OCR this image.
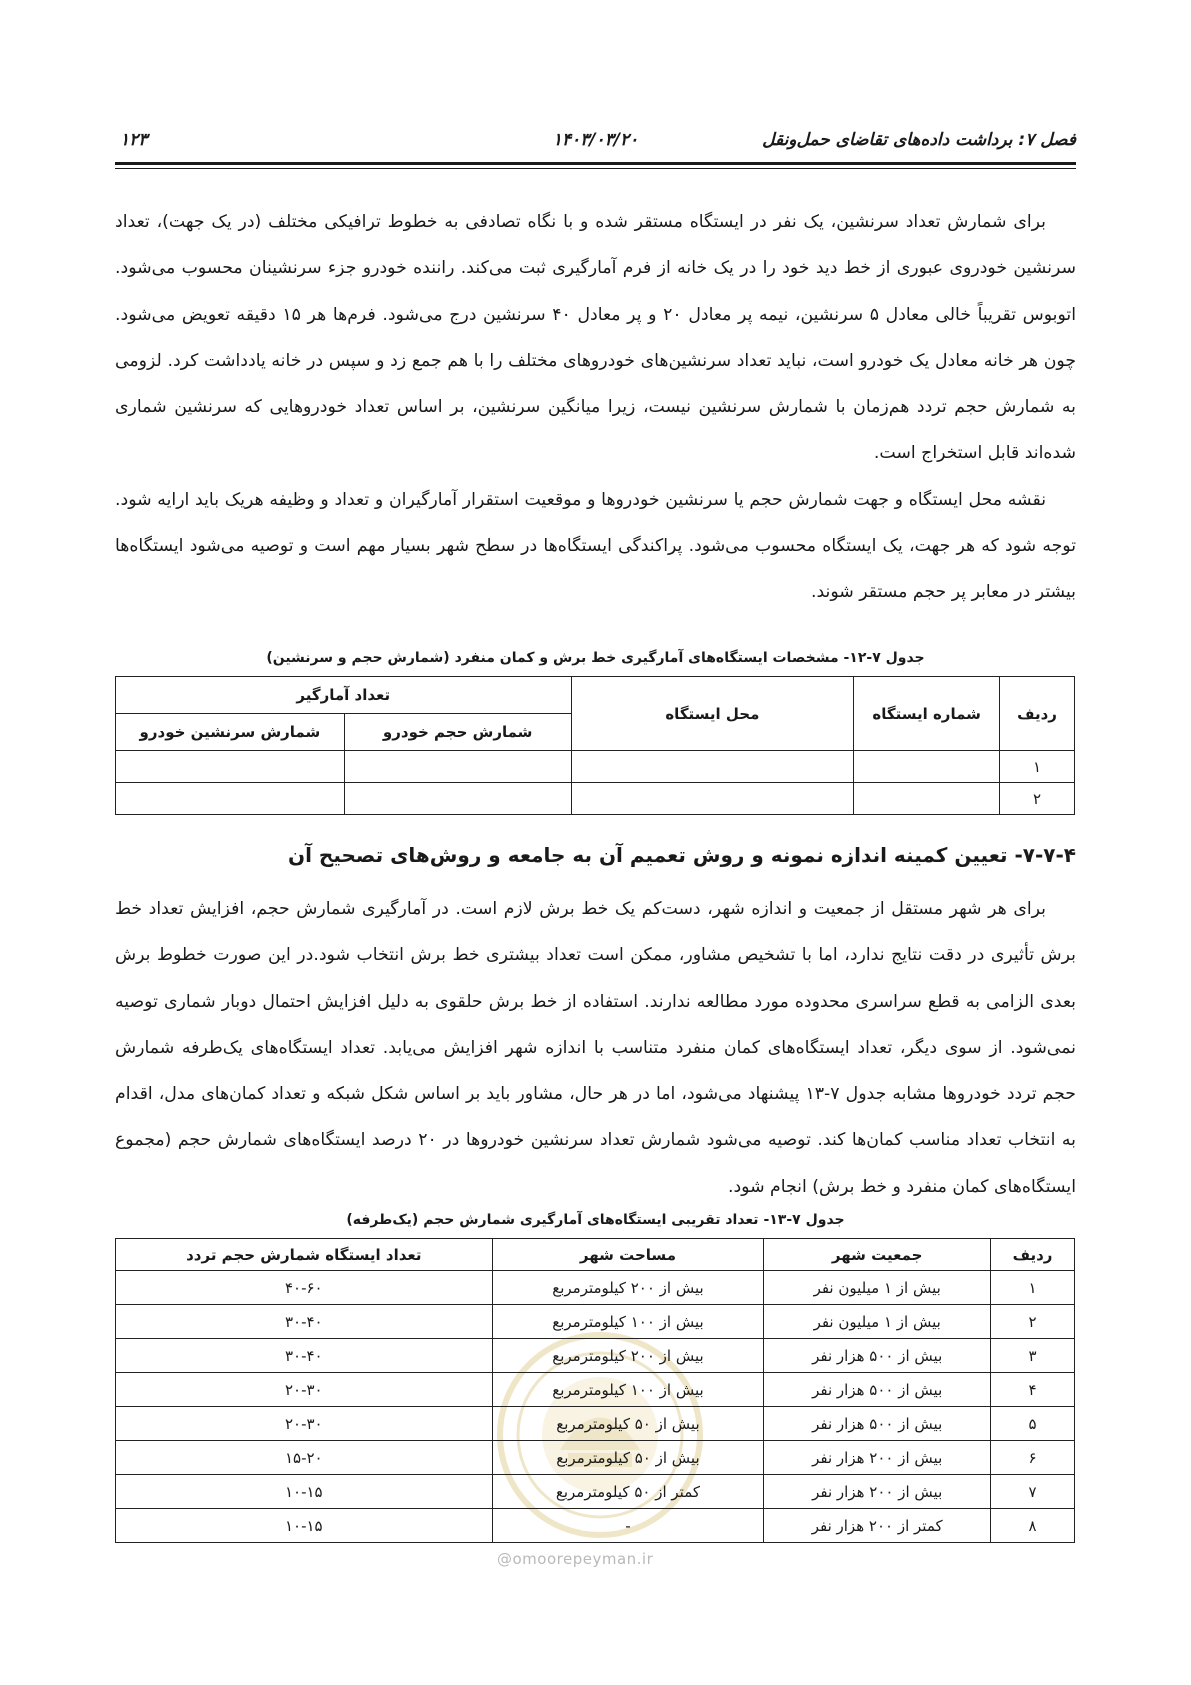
فصل ۷: برداشت داده‌های تقاضای حمل‌ونقل
۱۴۰۳/۰۳/۲۰
۱۲۳

برای شمارش تعداد سرنشین، یک نفر در ایستگاه مستقر شده و با نگاه تصادفی به خطوط ترافیکی مختلف (در یک جهت)، تعداد سرنشین خودروی عبوری از خط دید خود را در یک خانه از فرم آمارگیری ثبت می‌کند. راننده خودرو جزء سرنشینان محسوب می‌شود. اتوبوس تقریباً خالی معادل ۵ سرنشین، نیمه پر معادل ۲۰ و پر معادل ۴۰ سرنشین درج می‌شود. فرم‌ها هر ۱۵ دقیقه تعویض می‌شود. چون هر خانه معادل یک خودرو است، نباید تعداد سرنشین‌های خودروهای مختلف را با هم جمع زد و سپس در خانه یادداشت کرد. لزومی به شمارش حجم تردد هم‌زمان با شمارش سرنشین نیست، زیرا میانگین سرنشین، بر اساس تعداد خودروهایی که سرنشین شماری شده‌اند قابل استخراج است.

نقشه محل ایستگاه و جهت شمارش حجم یا سرنشین خودروها و موقعیت استقرار آمارگیران و تعداد و وظیفه هریک باید ارایه شود. توجه شود که هر جهت، یک ایستگاه محسوب می‌شود. پراکندگی ایستگاه‌ها در سطح شهر بسیار مهم است و توصیه می‌شود ایستگاه‌ها بیشتر در معابر پر حجم مستقر شوند.

جدول ۷-۱۲- مشخصات ایستگاه‌های آمارگیری خط برش و کمان منفرد (شمارش حجم و سرنشین)
ردیف	شماره ایستگاه	محل ایستگاه	تعداد آمارگیر	
			شمارش حجم خودرو	شمارش سرنشین خودرو
۱				
۲				
۷-۷-۴- تعیین کمینه اندازه نمونه و روش تعمیم آن به جامعه و روش‌های تصحیح آن

برای هر شهر مستقل از جمعیت و اندازه شهر، دست‌کم یک خط برش لازم است. در آمارگیری شمارش حجم، افزایش تعداد خط برش تأثیری در دقت نتایج ندارد، اما با تشخیص مشاور، ممکن است تعداد بیشتری خط برش انتخاب شود.در این صورت خطوط برش بعدی الزامی به قطع سراسری محدوده مورد مطالعه ندارند. استفاده از خط برش حلقوی به دلیل افزایش احتمال دوبار شماری توصیه نمی‌شود. از سوی دیگر، تعداد ایستگاه‌های کمان منفرد متناسب با اندازه شهر افزایش می‌یابد. تعداد ایستگاه‌های یک‌طرفه شمارش حجم تردد خودروها مشابه جدول ۷-۱۳ پیشنهاد می‌شود، اما در هر حال، مشاور باید بر اساس شکل شبکه و تعداد کمان‌های مدل، اقدام به انتخاب تعداد مناسب کمان‌ها کند. توصیه می‌شود شمارش تعداد سرنشین خودروها در ۲۰ درصد ایستگاه‌های شمارش حجم (مجموع ایستگاه‌های کمان منفرد و خط برش) انجام شود.

@omoorepeyman.ir
جدول ۷-۱۳- تعداد تقریبی ایستگاه‌های آمارگیری شمارش حجم (یک‌طرفه)
ردیف	جمعیت شهر	مساحت شهر	تعداد ایستگاه شمارش حجم تردد
۱	بیش از ۱ میلیون نفر	بیش از ۲۰۰ کیلومترمربع	۴۰-۶۰
۲	بیش از ۱ میلیون نفر	بیش از ۱۰۰ کیلومترمربع	۳۰-۴۰
۳	بیش از ۵۰۰ هزار نفر	بیش از ۲۰۰ کیلومترمربع	۳۰-۴۰
۴	بیش از ۵۰۰ هزار نفر	بیش از ۱۰۰ کیلومترمربع	۲۰-۳۰
۵	بیش از ۵۰۰ هزار نفر	بیش از ۵۰ کیلومترمربع	۲۰-۳۰
۶	بیش از ۲۰۰ هزار نفر	بیش از ۵۰ کیلومترمربع	۱۵-۲۰
۷	بیش از ۲۰۰ هزار نفر	کمتر از ۵۰ کیلومترمربع	۱۰-۱۵
۸	کمتر از ۲۰۰ هزار نفر	-	۱۰-۱۵
